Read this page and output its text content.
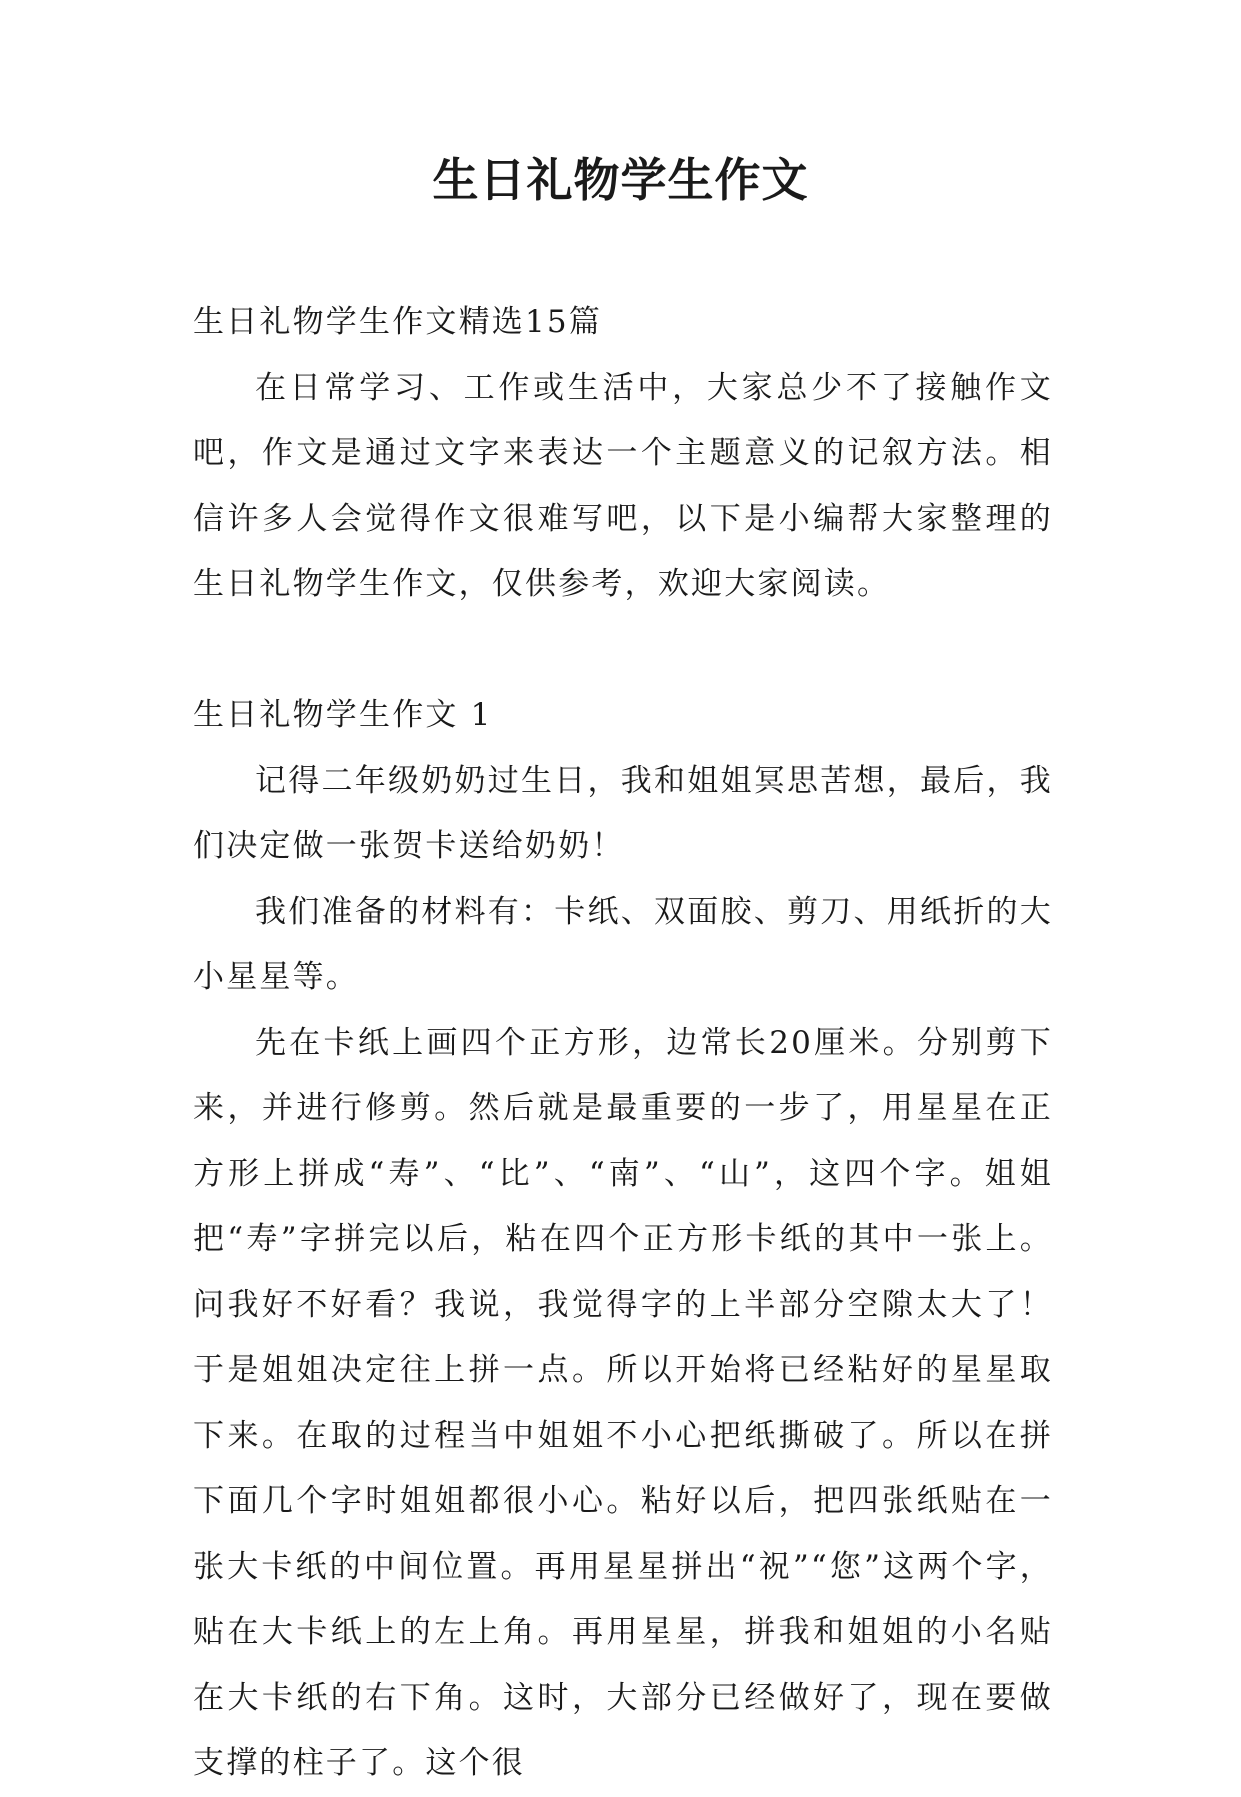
生日礼物学生作文

生日礼物学生作文精选15篇

在日常学习、工作或生活中，大家总少不了接触作文吧，作文是通过文字来表达一个主题意义的记叙方法。相信许多人会觉得作文很难写吧，以下是小编帮大家整理的生日礼物学生作文，仅供参考，欢迎大家阅读。

生日礼物学生作文 1

记得二年级奶奶过生日，我和姐姐冥思苦想，最后，我们决定做一张贺卡送给奶奶！

我们准备的材料有：卡纸、双面胶、剪刀、用纸折的大小星星等。

先在卡纸上画四个正方形，边常长20厘米。分别剪下来，并进行修剪。然后就是最重要的一步了，用星星在正方形上拼成“寿”、“比”、“南”、“山”，这四个字。姐姐把“寿”字拼完以后，粘在四个正方形卡纸的其中一张上。问我好不好看？我说，我觉得字的上半部分空隙太大了！于是姐姐决定往上拼一点。所以开始将已经粘好的星星取下来。在取的过程当中姐姐不小心把纸撕破了。所以在拼下面几个字时姐姐都很小心。粘好以后，把四张纸贴在一张大卡纸的中间位置。再用星星拼出“祝”“您”这两个字，贴在大卡纸上的左上角。再用星星，拼我和姐姐的小名贴在大卡纸的右下角。这时，大部分已经做好了，现在要做支撑的柱子了。这个很
